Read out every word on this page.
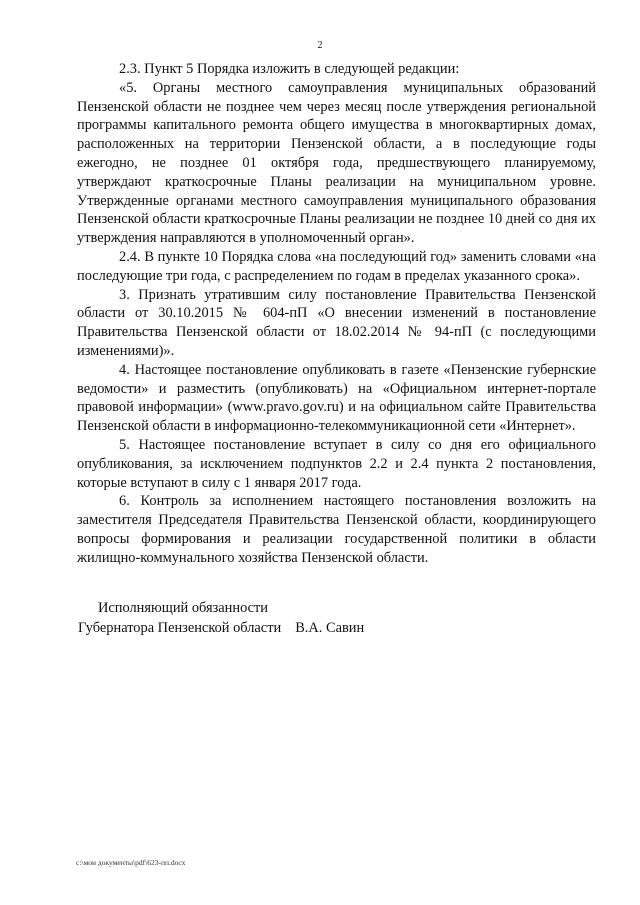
2

2.3. Пункт 5 Порядка изложить в следующей редакции:

«5. Органы местного самоуправления муниципальных образований Пензенской области не позднее чем через месяц после утверждения региональной программы капитального ремонта общего имущества в многоквартирных домах, расположенных на территории Пензенской области, а в последующие годы ежегодно, не позднее 01 октября года, предшествующего планируемому, утверждают краткосрочные Планы реализации на муниципальном уровне. Утвержденные органами местного самоуправления муниципального образования Пензенской области краткосрочные Планы реализации не позднее 10 дней со дня их утверждения направляются в уполномоченный орган».

2.4. В пункте 10 Порядка слова «на последующий год» заменить словами «на последующие три года, с распределением по годам в пределах указанного срока».

3. Признать утратившим силу постановление Правительства Пензенской области от 30.10.2015 № 604-пП «О внесении изменений в постановление Правительства Пензенской области от 18.02.2014 № 94-пП (с последующими изменениями)».

4. Настоящее постановление опубликовать в газете «Пензенские губернские ведомости» и разместить (опубликовать) на «Официальном интернет-портале правовой информации» (www.pravo.gov.ru) и на официальном сайте Правительства Пензенской области в информационно-телекоммуникационной сети «Интернет».

5. Настоящее постановление вступает в силу со дня его официального опубликования, за исключением подпунктов 2.2 и 2.4 пункта 2 постановления, которые вступают в силу с 1 января 2017 года.

6. Контроль за исполнением настоящего постановления возложить на заместителя Председателя Правительства Пензенской области, координирующего вопросы формирования и реализации государственной политики в области жилищно-коммунального хозяйства Пензенской области.

Исполняющий обязанности
Губернатора Пензенской области В.А. Савин
c:\мои документы\pdf\623-пп.docx
